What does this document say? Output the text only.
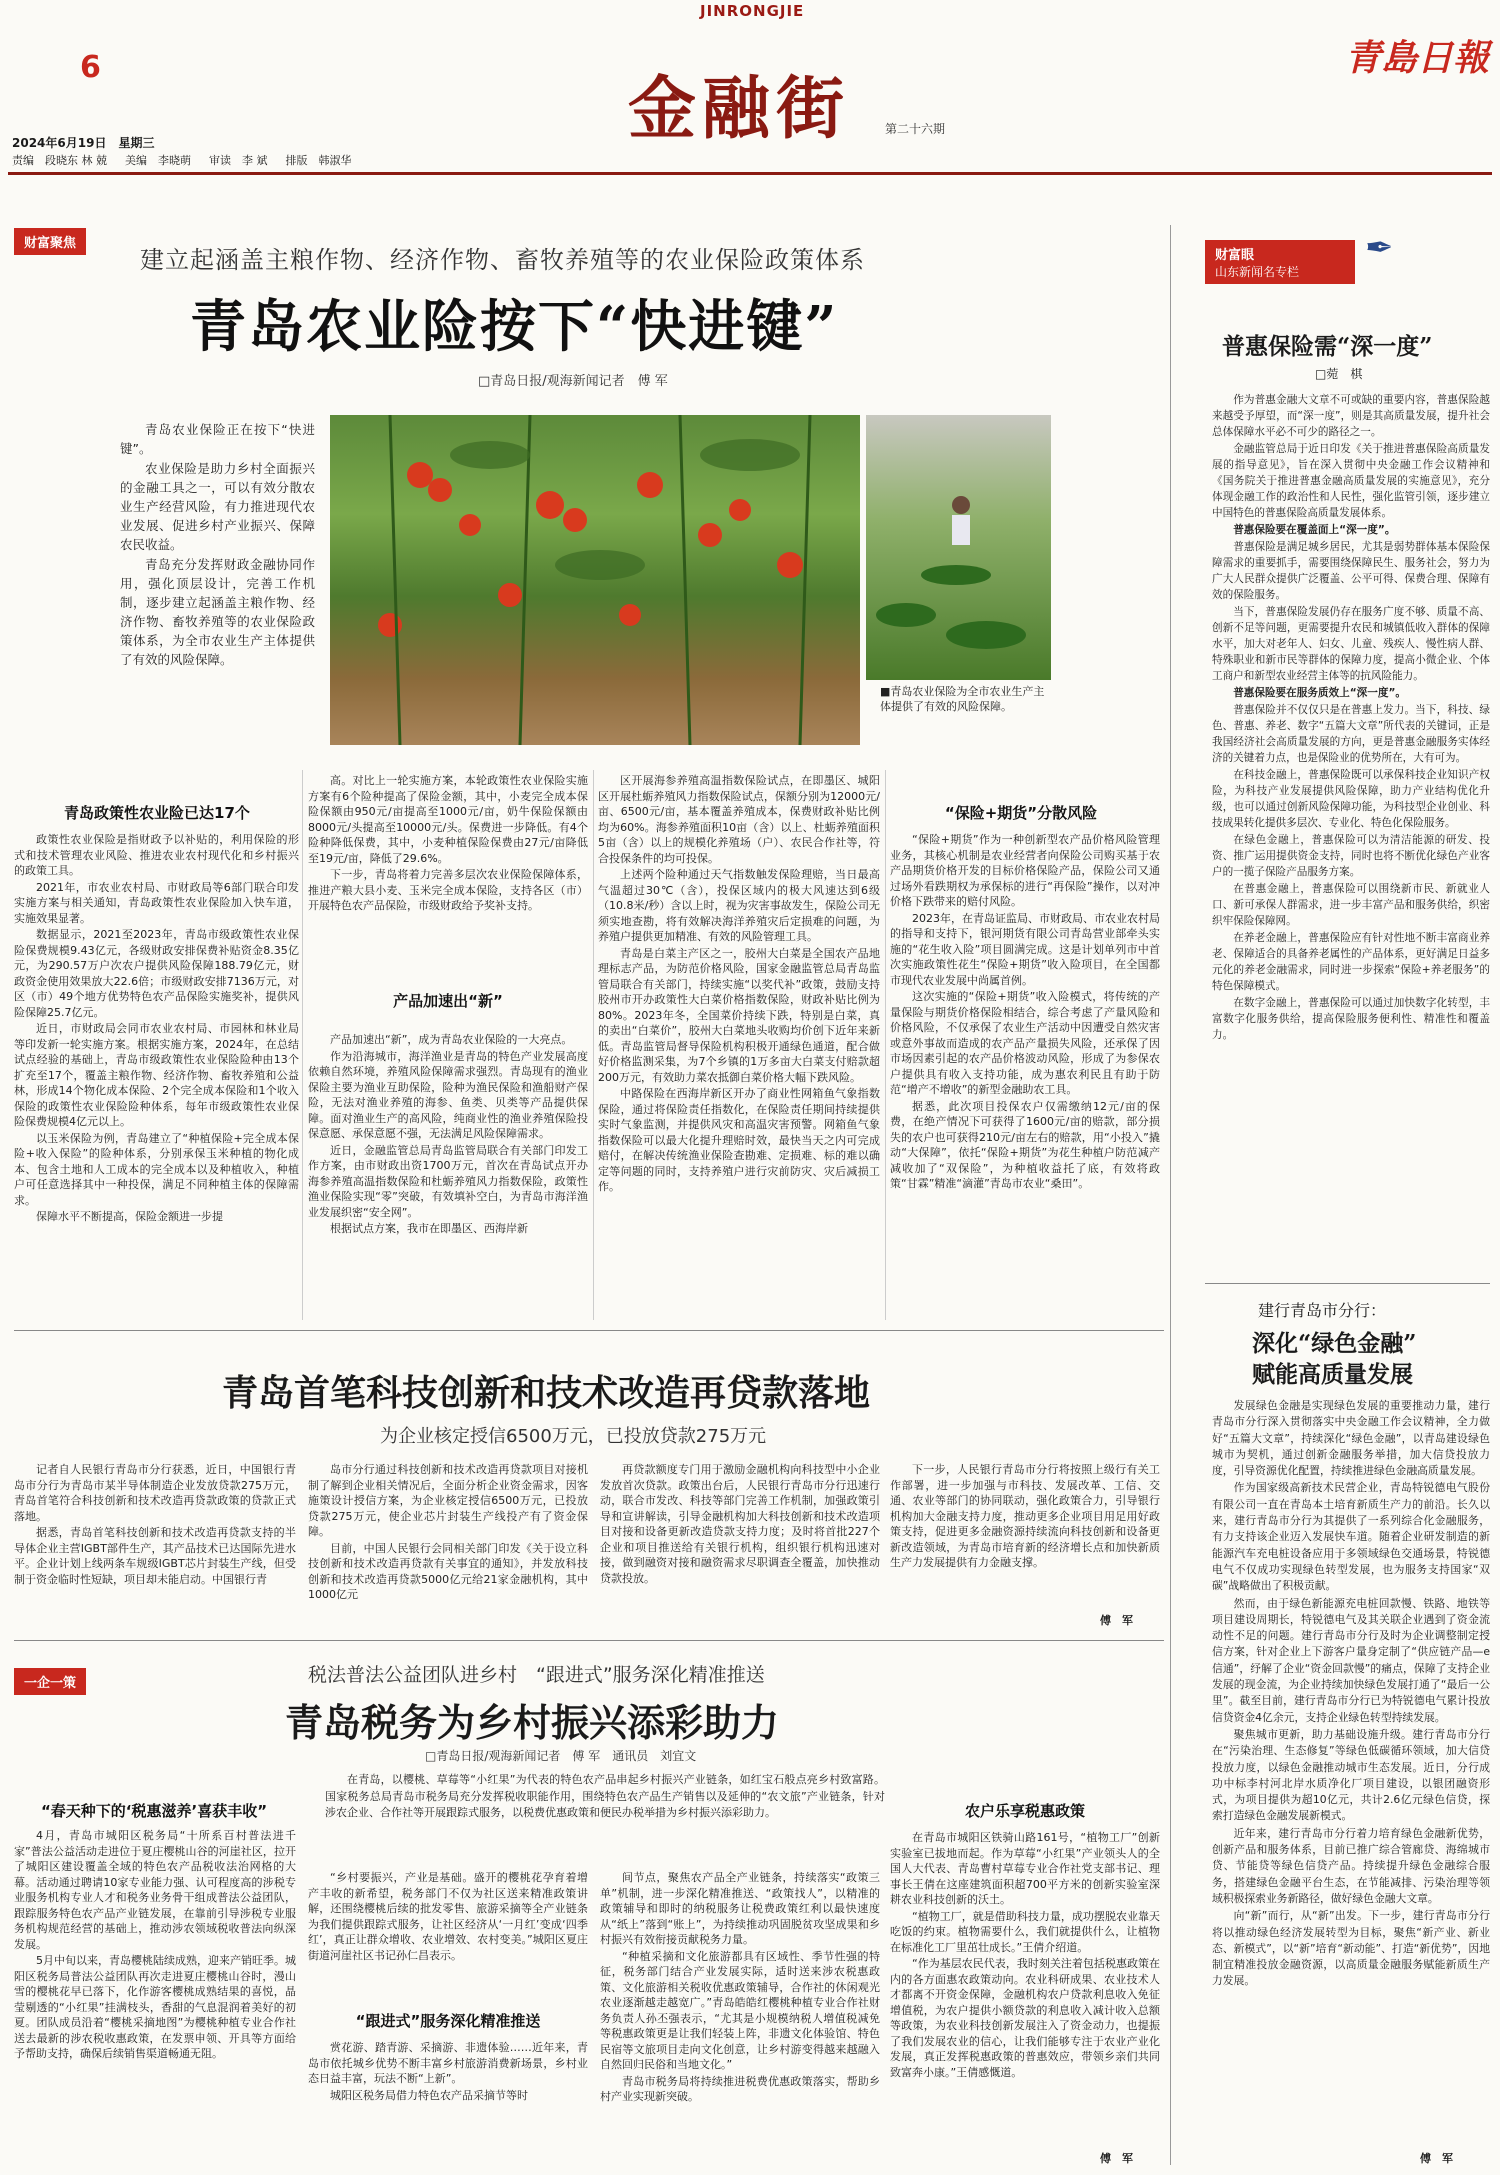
JINRONGJIE
6
金融街	第二十六期
青島日報
2024年6月19日　星期三
责编　段晓东 林 兢 美编　李晓萌 审读　李 斌 排版　韩淑华
财富聚焦
建立起涵盖主粮作物、经济作物、畜牧养殖等的农业保险政策体系
青岛农业险按下“快进键”
□青岛日报/观海新闻记者　傅 军

青岛农业保险正在按下“快进键”。

农业保险是助力乡村全面振兴的金融工具之一，可以有效分散农业生产经营风险，有力推进现代农业发展、促进乡村产业振兴、保障农民收益。

青岛充分发挥财政金融协同作用，强化顶层设计，完善工作机制，逐步建立起涵盖主粮作物、经济作物、畜牧养殖等的农业保险政策体系，为全市农业生产主体提供了有效的风险保障。

■青岛农业保险为全市农业生产主体提供了有效的风险保障。
青岛政策性农业险已达17个

政策性农业保险是指财政予以补贴的，利用保险的形式和技术管理农业风险、推进农业农村现代化和乡村振兴的政策工具。

2021年，市农业农村局、市财政局等6部门联合印发实施方案与相关通知，青岛政策性农业保险加入快车道，实施效果显著。

数据显示，2021至2023年，青岛市级政策性农业保险保费规模9.43亿元，各级财政安排保费补贴资金8.35亿元，为290.57万户次农户提供风险保障188.79亿元，财政资金使用效果放大22.6倍；市级财政安排7136万元，对区（市）49个地方优势特色农产品保险实施奖补，提供风险保障25.7亿元。

近日，市财政局会同市农业农村局、市园林和林业局等印发新一轮实施方案。根据实施方案，2024年，在总结试点经验的基础上，青岛市级政策性农业保险险种由13个扩充至17个，覆盖主粮作物、经济作物、畜牧养殖和公益林，形成14个物化成本保险、2个完全成本保险和1个收入保险的政策性农业保险险种体系，每年市级政策性农业保险保费规模4亿元以上。

以玉米保险为例，青岛建立了“种植保险+完全成本保险+收入保险”的险种体系，分别承保玉米种植的物化成本、包含土地和人工成本的完全成本以及种植收入，种植户可任意选择其中一种投保，满足不同种植主体的保障需求。

保障水平不断提高，保险金额进一步提

高。对比上一轮实施方案，本轮政策性农业保险实施方案有6个险种提高了保险金额，其中，小麦完全成本保险保额由950元/亩提高至1000元/亩，奶牛保险保额由8000元/头提高至10000元/头。保费进一步降低。有4个险种降低保费，其中，小麦种植保险保费由27元/亩降低至19元/亩，降低了29.6%。

下一步，青岛将着力完善多层次农业保险保障体系，推进产粮大县小麦、玉米完全成本保险，支持各区（市）开展特色农产品保险，市级财政给予奖补支持。

产品加速出“新”

产品加速出“新”，成为青岛农业保险的一大亮点。

作为沿海城市，海洋渔业是青岛的特色产业发展高度依赖自然环境，养殖风险保障需求强烈。青岛现有的渔业保险主要为渔业互助保险，险种为渔民保险和渔船财产保险，无法对渔业养殖的海参、鱼类、贝类等产品提供保障。面对渔业生产的高风险，纯商业性的渔业养殖保险投保意愿、承保意愿不强，无法满足风险保障需求。

近日，金融监管总局青岛监管局联合有关部门印发工作方案，由市财政出资1700万元，首次在青岛试点开办海参养殖高温指数保险和杜蛎养殖风力指数保险，政策性渔业保险实现“零”突破，有效填补空白，为青岛市海洋渔业发展织密“安全网”。

根据试点方案，我市在即墨区、西海岸新

区开展海参养殖高温指数保险试点，在即墨区、城阳区开展杜蛎养殖风力指数保险试点，保额分别为12000元/亩、6500元/亩，基本覆盖养殖成本，保费财政补贴比例均为60%。海参养殖面积10亩（含）以上、杜蛎养殖面积5亩（含）以上的规模化养殖场（户）、农民合作社等，符合投保条件的均可投保。

上述两个险种通过天气指数触发保险理赔，当日最高气温超过30℃（含），投保区域内的极大风速达到6级（10.8米/秒）含以上时，视为灾害事故发生，保险公司无须实地查勘，将有效解决海洋养殖灾后定损难的问题，为养殖户提供更加精准、有效的风险管理工具。

青岛是白菜主产区之一，胶州大白菜是全国农产品地理标志产品，为防范价格风险，国家金融监管总局青岛监管局联合有关部门，持续实施“以奖代补”政策，鼓励支持胶州市开办政策性大白菜价格指数保险，财政补贴比例为80%。2023年冬，全国菜价持续下跌，特别是白菜，真的卖出“白菜价”，胶州大白菜地头收购均价创下近年来新低。青岛监管局督导保险机构积极开通绿色通道，配合做好价格监测采集，为7个乡镇的1万多亩大白菜支付赔款超200万元，有效助力菜农抵御白菜价格大幅下跌风险。

中路保险在西海岸新区开办了商业性网箱鱼气象指数保险，通过将保险责任指数化，在保险责任期间持续提供实时气象监测，并提供风灾和高温灾害预警。网箱鱼气象指数保险可以最大化提升理赔时效，最快当天之内可完成赔付，在解决传统渔业保险查勘难、定损难、标的难以确定等问题的同时，支持养殖户进行灾前防灾、灾后减损工作。

“保险+期货”分散风险

“保险+期货”作为一种创新型农产品价格风险管理业务，其核心机制是农业经营者向保险公司购买基于农产品期货价格开发的目标价格保险产品，保险公司又通过场外看跌期权为承保标的进行“再保险”操作，以对冲价格下跌带来的赔付风险。

2023年，在青岛证监局、市财政局、市农业农村局的指导和支持下，银河期货有限公司青岛营业部牵头实施的“花生收入险”项目圆满完成。这是计划单列市中首次实施政策性花生“保险+期货”收入险项目，在全国都市现代农业发展中尚属首例。

这次实施的“保险+期货”收入险模式，将传统的产量保险与期货价格保险相结合，综合考虑了产量风险和价格风险，不仅承保了农业生产活动中因遭受自然灾害或意外事故而造成的农产品产量损失风险，还承保了因市场因素引起的农产品价格波动风险，形成了为参保农户提供具有收入支持功能，成为惠农利民且有助于防范“增产不增收”的新型金融助农工具。

据悉，此次项目投保农户仅需缴纳12元/亩的保费，在绝产情况下可获得了1600元/亩的赔款，部分损失的农户也可获得210元/亩左右的赔款，用“小投入”撬动“大保障”，依托“保险+期货”为花生种植户防范减产减收加了“双保险”，为种植收益托了底，有效将政策“甘霖”精准“滴灌”青岛市农业“桑田”。

财富眼
山东新闻名专栏
✒
普惠保险需“深一度”
□菀　棋

作为普惠金融大文章不可或缺的重要内容，普惠保险越来越受予厚望，而“深一度”，则是其高质量发展，提升社会总体保障水平必不可少的路径之一。

金融监管总局于近日印发《关于推进普惠保险高质量发展的指导意见》，旨在深入贯彻中央金融工作会议精神和《国务院关于推进普惠金融高质量发展的实施意见》，充分体现金融工作的政治性和人民性，强化监管引领，逐步建立中国特色的普惠保险高质量发展体系。

普惠保险要在覆盖面上“深一度”。

普惠保险是满足城乡居民，尤其是弱势群体基本保险保障需求的重要抓手，需要围绕保障民生、服务社会，努力为广大人民群众提供广泛覆盖、公平可得、保费合理、保障有效的保险服务。

当下，普惠保险发展仍存在服务广度不够、质量不高、创新不足等问题，更需要提升农民和城镇低收入群体的保障水平，加大对老年人、妇女、儿童、残疾人、慢性病人群、特殊职业和新市民等群体的保障力度，提高小微企业、个体工商户和新型农业经营主体等的抗风险能力。

普惠保险要在服务质效上“深一度”。

普惠保险并不仅仅只是在普惠上发力。当下，科技、绿色、普惠、养老、数字“五篇大文章”所代表的关键词，正是我国经济社会高质量发展的方向，更是普惠金融服务实体经济的关键着力点，也是保险业的优势所在，大有可为。

在科技金融上，普惠保险既可以承保科技企业知识产权险，为科技产业发展提供风险保障，助力产业结构优化升级，也可以通过创新风险保障功能，为科技型企业创业、科技成果转化提供多层次、专业化、特色化保险服务。

在绿色金融上，普惠保险可以为清洁能源的研发、投资、推广运用提供资金支持，同时也将不断优化绿色产业客户的一揽子保险产品服务方案。

在普惠金融上，普惠保险可以围绕新市民、新就业人口、新可承保人群需求，进一步丰富产品和服务供给，织密织牢保险保障网。

在养老金融上，普惠保险应有针对性地不断丰富商业养老、保障适合的具备养老属性的产品体系，更好满足日益多元化的养老金融需求，同时进一步探索“保险+养老服务”的特色保障模式。

在数字金融上，普惠保险可以通过加快数字化转型，丰富数字化服务供给，提高保险服务便利性、精准性和覆盖力。

建行青岛市分行：
深化“绿色金融”
赋能高质量发展

发展绿色金融是实现绿色发展的重要推动力量，建行青岛市分行深入贯彻落实中央金融工作会议精神，全力做好“五篇大文章”，持续深化“绿色金融”，以青岛建设绿色城市为契机，通过创新金融服务举措，加大信贷投放力度，引导资源优化配置，持续推进绿色金融高质量发展。

作为国家级高新技术民营企业，青岛特锐德电气股份有限公司一直在青岛本土培育新质生产力的前沿。长久以来，建行青岛市分行为其提供了一系列综合化金融服务，有力支持该企业迈入发展快车道。随着企业研发制造的新能源汽车充电桩设备应用于多领域绿色交通场景，特锐德电气不仅成功实现绿色转型发展，也为服务支持国家“双碳”战略做出了积极贡献。

然而，由于绿色新能源充电桩回款慢、铁路、地铁等项目建设周期长，特锐德电气及其关联企业遇到了资金流动性不足的问题。建行青岛市分行及时为企业调整制定授信方案，针对企业上下游客户量身定制了“供应链产品—e信通”，纾解了企业“资金回款慢”的痛点，保障了支持企业发展的现金流，为企业持续加快绿色发展打通了“最后一公里”。截至目前，建行青岛市分行已为特锐德电气累计投放信贷资金4亿余元，支持企业绿色转型持续发展。

聚焦城市更新，助力基础设施升级。建行青岛市分行在“污染治理、生态修复”等绿色低碳循环领域，加大信贷投放力度，以绿色金融推动城市生态发展。近日，分行成功中标李村河北岸水质净化厂项目建设，以银团融资形式，为项目提供为超10亿元，共计2.6亿元绿色信贷，探索打造绿色金融发展新模式。

近年来，建行青岛市分行着力培育绿色金融新优势，创新产品和服务体系，目前已推广综合管廊贷、海绵城市贷、节能贷等绿色信贷产品。持续提升绿色金融综合服务，搭建绿色金融平台生态，在节能减排、污染治理等领域积极探索业务新路径，做好绿色金融大文章。

向“新”而行，从“新”出发。下一步，建行青岛市分行将以推动绿色经济发展转型为目标，聚焦“新产业、新业态、新模式”，以“新”培育“新动能”、打造“新优势”，因地制宜精准投放金融资源，以高质量金融服务赋能新质生产力发展。

傅　军
青岛首笔科技创新和技术改造再贷款落地
为企业核定授信6500万元，已投放贷款275万元

记者自人民银行青岛市分行获悉，近日，中国银行青岛市分行为青岛市某半导体制造企业发放贷款275万元，青岛首笔符合科技创新和技术改造再贷款政策的贷款正式落地。

据悉，青岛首笔科技创新和技术改造再贷款支持的半导体企业主营IGBT部件生产，其产品技术已达国际先进水平。企业计划上线两条车规级IGBT芯片封装生产线，但受制于资金临时性短缺，项目却未能启动。中国银行青

岛市分行通过科技创新和技术改造再贷款项目对接机制了解到企业相关情况后，全面分析企业资金需求，因客施策设计授信方案，为企业核定授信6500万元，已投放贷款275万元，使企业芯片封装生产线投产有了资金保障。

目前，中国人民银行会同相关部门印发《关于设立科技创新和技术改造再贷款有关事宜的通知》，并发放科技创新和技术改造再贷款5000亿元给21家金融机构，其中1000亿元

再贷款额度专门用于激励金融机构向科技型中小企业发放首次贷款。政策出台后，人民银行青岛市分行迅速行动，联合市发改、科技等部门完善工作机制，加强政策引导和宣讲解读，引导金融机构加大科技创新和技术改造项目对接和设备更新改造贷款支持力度；及时将首批227个企业和项目推送给有关银行机构，组织银行机构迅速对接，做到融资对接和融资需求尽职调查全覆盖，加快推动贷款投放。

下一步，人民银行青岛市分行将按照上级行有关工作部署，进一步加强与市科技、发展改革、工信、交通、农业等部门的协同联动，强化政策合力，引导银行机构加大金融支持力度，推动更多企业项目用足用好政策支持，促进更多金融资源持续流向科技创新和设备更新改造领域，为青岛市培育新的经济增长点和加快新质生产力发展提供有力金融支撑。

傅　军
一企一策	税法普法公益团队进乡村　“跟进式”服务深化精准推送
青岛税务为乡村振兴添彩助力
□青岛日报/观海新闻记者　傅 军　通讯员　刘宜文

在青岛，以樱桃、草莓等“小红果”为代表的特色农产品串起乡村振兴产业链条，如红宝石般点亮乡村致富路。国家税务总局青岛市税务局充分发挥税收职能作用，围绕特色农产品生产销售以及延伸的“农文旅”产业链条，针对涉农企业、合作社等开展跟踪式服务，以税费优惠政策和便民办税举措为乡村振兴添彩助力。

“春天种下的‘税惠滋养’喜获丰收”

4月，青岛市城阳区税务局“十所系百村普法进千家”普法公益活动走进位于夏庄樱桃山谷的河崖社区，拉开了城阳区建设覆盖全域的特色农产品税收法治网格的大幕。活动通过聘请10家专业能力强、认可程度高的涉税专业服务机构专业人才和税务业务骨干组成普法公益团队，跟踪服务特色农产品产业链发展，在靠前引导涉税专业服务机构规范经营的基础上，推动涉农领域税收普法向纵深发展。

5月中旬以来，青岛樱桃陆续成熟，迎来产销旺季。城阳区税务局普法公益团队再次走进夏庄樱桃山谷时，漫山雪的樱桃花早已落下，化作游客樱桃成熟结果的喜悦，晶莹剔透的“小红果”挂满枝头，香甜的气息混润着美好的初夏。团队成员沿着“樱桃采摘地图”为樱桃种植专业合作社送去最新的涉农税收惠政策，在发票申领、开具等方面给予帮助支持，确保后续销售渠道畅通无阻。

“乡村要振兴，产业是基础。盛开的樱桃花孕育着增产丰收的新希望，税务部门不仅为社区送来精准政策讲解，还围绕樱桃后续的批发零售、旅游采摘等全产业链条为我们提供跟踪式服务，让社区经济从‘一月红’变成‘四季红’，真正让群众增收、农业增效、农村变美。”城阳区夏庄街道河崖社区书记孙仁昌表示。

“跟进式”服务深化精准推送

赏花游、踏青游、采摘游、非遗体验……近年来，青岛市依托城乡优势不断丰富乡村旅游消费新场景，乡村业态日益丰富，玩法不断“上新”。

城阳区税务局借力特色农产品采摘节等时

间节点，聚焦农产品全产业链条，持续落实“政策三单”机制，进一步深化精准推送、“政策找人”，以精准的政策辅导和即时的纳税服务让税费政策红利以最快速度从“纸上”落到“账上”，为持续推动巩固脱贫攻坚成果和乡村振兴有效衔接贡献税务力量。

“种植采摘和文化旅游都具有区域性、季节性强的特征，税务部门结合产业发展实际，适时送来涉农税惠政策、文化旅游相关税收优惠政策辅导，合作社的休闲观光农业逐渐越走越宽广。”青岛皓皓红樱桃种植专业合作社财务负责人孙丕强表示，“尤其是小规模纳税人增值税减免等税惠政策更是让我们轻装上阵，非遗文化体验馆、特色民宿等文旅项目走向文化创意，让乡村游变得越来越融入自然回归民俗和当地文化。”

青岛市税务局将持续推进税费优惠政策落实，帮助乡村产业实现新突破。

农户乐享税惠政策

在青岛市城阳区铁骑山路161号，“植物工厂”创新实验室已拔地而起。作为草莓“小红果”产业领头人的全国人大代表、青岛曹村草莓专业合作社党支部书记、理事长王倩在这座建筑面积超700平方米的创新实验室深耕农业科技创新的沃土。

“植物工厂，就是借助科技力量，成功摆脱农业靠天吃饭的约束。植物需要什么，我们就提供什么，让植物在标准化工厂里茁壮成长。”王倩介绍道。

“作为基层农民代表，我时刻关注着包括税惠政策在内的各方面惠农政策动向。农业科研成果、农业技术人才都离不开资金保障，金融机构农户贷款利息收入免征增值税，为农户提供小额贷款的利息收入减计收入总额等政策，为农业科技创新发展注入了资金动力，也提振了我们发展农业的信心，让我们能够专注于农业产业化发展，真正发挥税惠政策的普惠效应，带领乡亲们共同致富奔小康。”王倩感慨道。

傅　军
